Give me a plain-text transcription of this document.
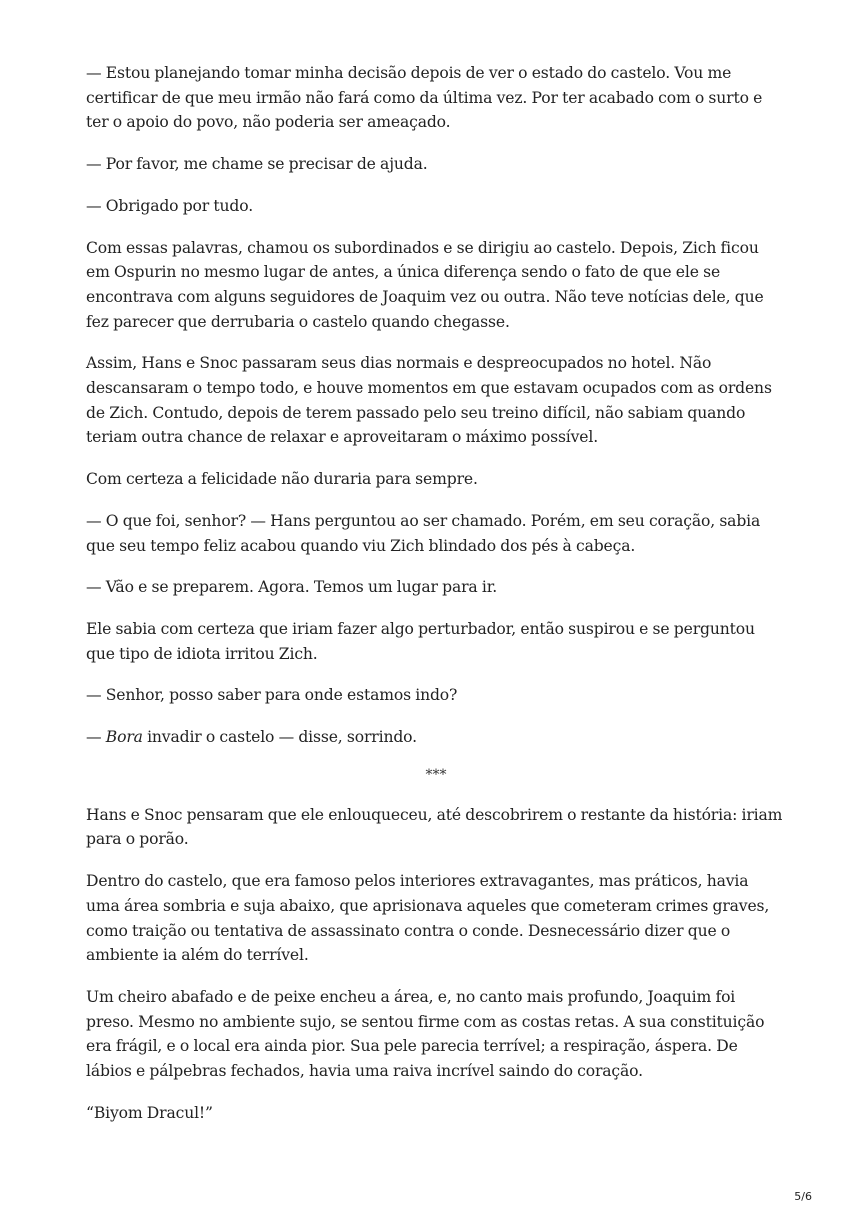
— Estou planejando tomar minha decisão depois de ver o estado do castelo. Vou me certificar de que meu irmão não fará como da última vez. Por ter acabado com o surto e ter o apoio do povo, não poderia ser ameaçado.

— Por favor, me chame se precisar de ajuda.

— Obrigado por tudo.

Com essas palavras, chamou os subordinados e se dirigiu ao castelo. Depois, Zich ficou em Ospurin no mesmo lugar de antes, a única diferença sendo o fato de que ele se encontrava com alguns seguidores de Joaquim vez ou outra. Não teve notícias dele, que fez parecer que derrubaria o castelo quando chegasse.

Assim, Hans e Snoc passaram seus dias normais e despreocupados no hotel. Não descansaram o tempo todo, e houve momentos em que estavam ocupados com as ordens de Zich. Contudo, depois de terem passado pelo seu treino difícil, não sabiam quando teriam outra chance de relaxar e aproveitaram o máximo possível.

Com certeza a felicidade não duraria para sempre.

— O que foi, senhor? — Hans perguntou ao ser chamado. Porém, em seu coração, sabia que seu tempo feliz acabou quando viu Zich blindado dos pés à cabeça.

— Vão e se preparem. Agora. Temos um lugar para ir.

Ele sabia com certeza que iriam fazer algo perturbador, então suspirou e se perguntou que tipo de idiota irritou Zich.

— Senhor, posso saber para onde estamos indo?

— Bora invadir o castelo — disse, sorrindo.

***

Hans e Snoc pensaram que ele enlouqueceu, até descobrirem o restante da história: iriam para o porão.

Dentro do castelo, que era famoso pelos interiores extravagantes, mas práticos, havia uma área sombria e suja abaixo, que aprisionava aqueles que cometeram crimes graves, como traição ou tentativa de assassinato contra o conde. Desnecessário dizer que o ambiente ia além do terrível.

Um cheiro abafado e de peixe encheu a área, e, no canto mais profundo, Joaquim foi preso. Mesmo no ambiente sujo, se sentou firme com as costas retas. A sua constituição era frágil, e o local era ainda pior. Sua pele parecia terrível; a respiração, áspera. De lábios e pálpebras fechados, havia uma raiva incrível saindo do coração.

“Biyom Dracul!”

5/6
